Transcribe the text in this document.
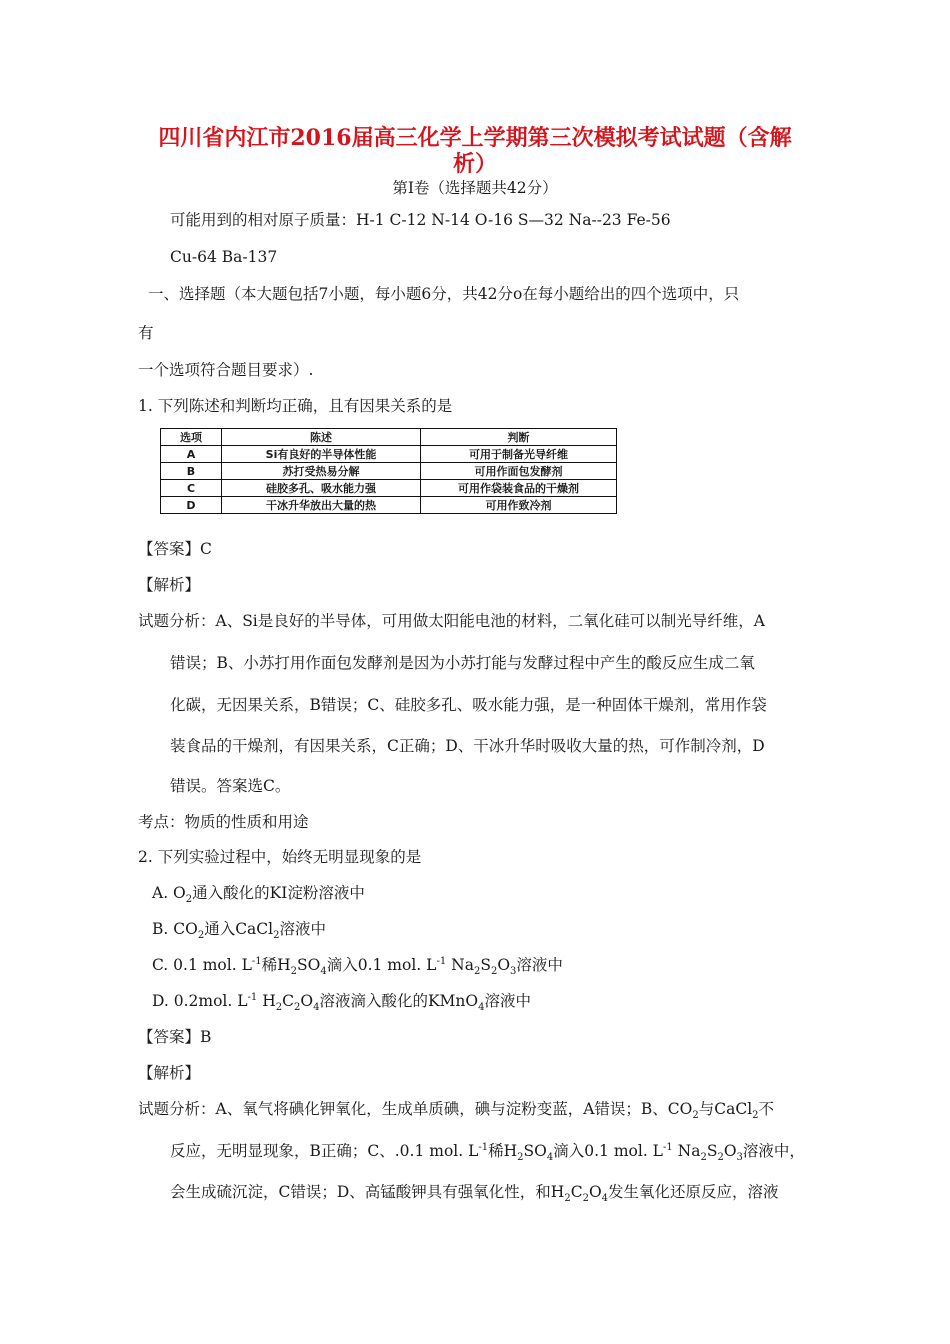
四川省内江市2016届高三化学上学期第三次模拟考试试题（含解
析）
第Ⅰ卷（选择题共42分）
可能用到的相对原子质量：H-1 C-12 N-14 O-16 S—32 Na--23 Fe-56
Cu-64 Ba-137
一、选择题（本大题包括7小题，每小题6分，共42分o在每小题给出的四个选项中，只
有
一个选项符合题目要求）.
1. 下列陈述和判断均正确，且有因果关系的是
选项	陈述	判断
A	Si有良好的半导体性能	可用于制备光导纤维
B	苏打受热易分解	可用作面包发酵剂
C	硅胶多孔、吸水能力强	可用作袋装食品的干燥剂
D	干冰升华放出大量的热	可用作致冷剂
【答案】C
【解析】
试题分析：A、Si是良好的半导体，可用做太阳能电池的材料，二氧化硅可以制光导纤维，A
错误；B、小苏打用作面包发酵剂是因为小苏打能与发酵过程中产生的酸反应生成二氧
化碳，无因果关系，B错误；C、硅胶多孔、吸水能力强，是一种固体干燥剂，常用作袋
装食品的干燥剂，有因果关系，C正确；D、干冰升华时吸收大量的热，可作制冷剂，D
错误。答案选C。
考点：物质的性质和用途
2. 下列实验过程中，始终无明显现象的是
A. $O_2$通入酸化的KI淀粉溶液中
B. $CO_2$通入CaCl$_2$溶液中
C. 0.1 mol. $L^{-1}$稀$H_2SO_4$滴入0.1 mol. $L^{-1}$ $Na_2S_2O_3$溶液中
D. 0.2mol. $L^{-1}$ $H_2C_2O_4$溶液滴入酸化的KMnO$_4$溶液中
【答案】B
【解析】
试题分析：A、氧气将碘化钾氧化，生成单质碘，碘与淀粉变蓝，A错误；B、$CO_2$与CaCl$_2$不
反应，无明显现象，B正确；C、.0.1 mol. $L^{-1}$稀$H_2SO_4$滴入0.1 mol. $L^{-1}$ $Na_2S_2O_3$溶液中，
会生成硫沉淀，C错误；D、高锰酸钾具有强氧化性，和$H_2C_2O_4$发生氧化还原反应，溶液
